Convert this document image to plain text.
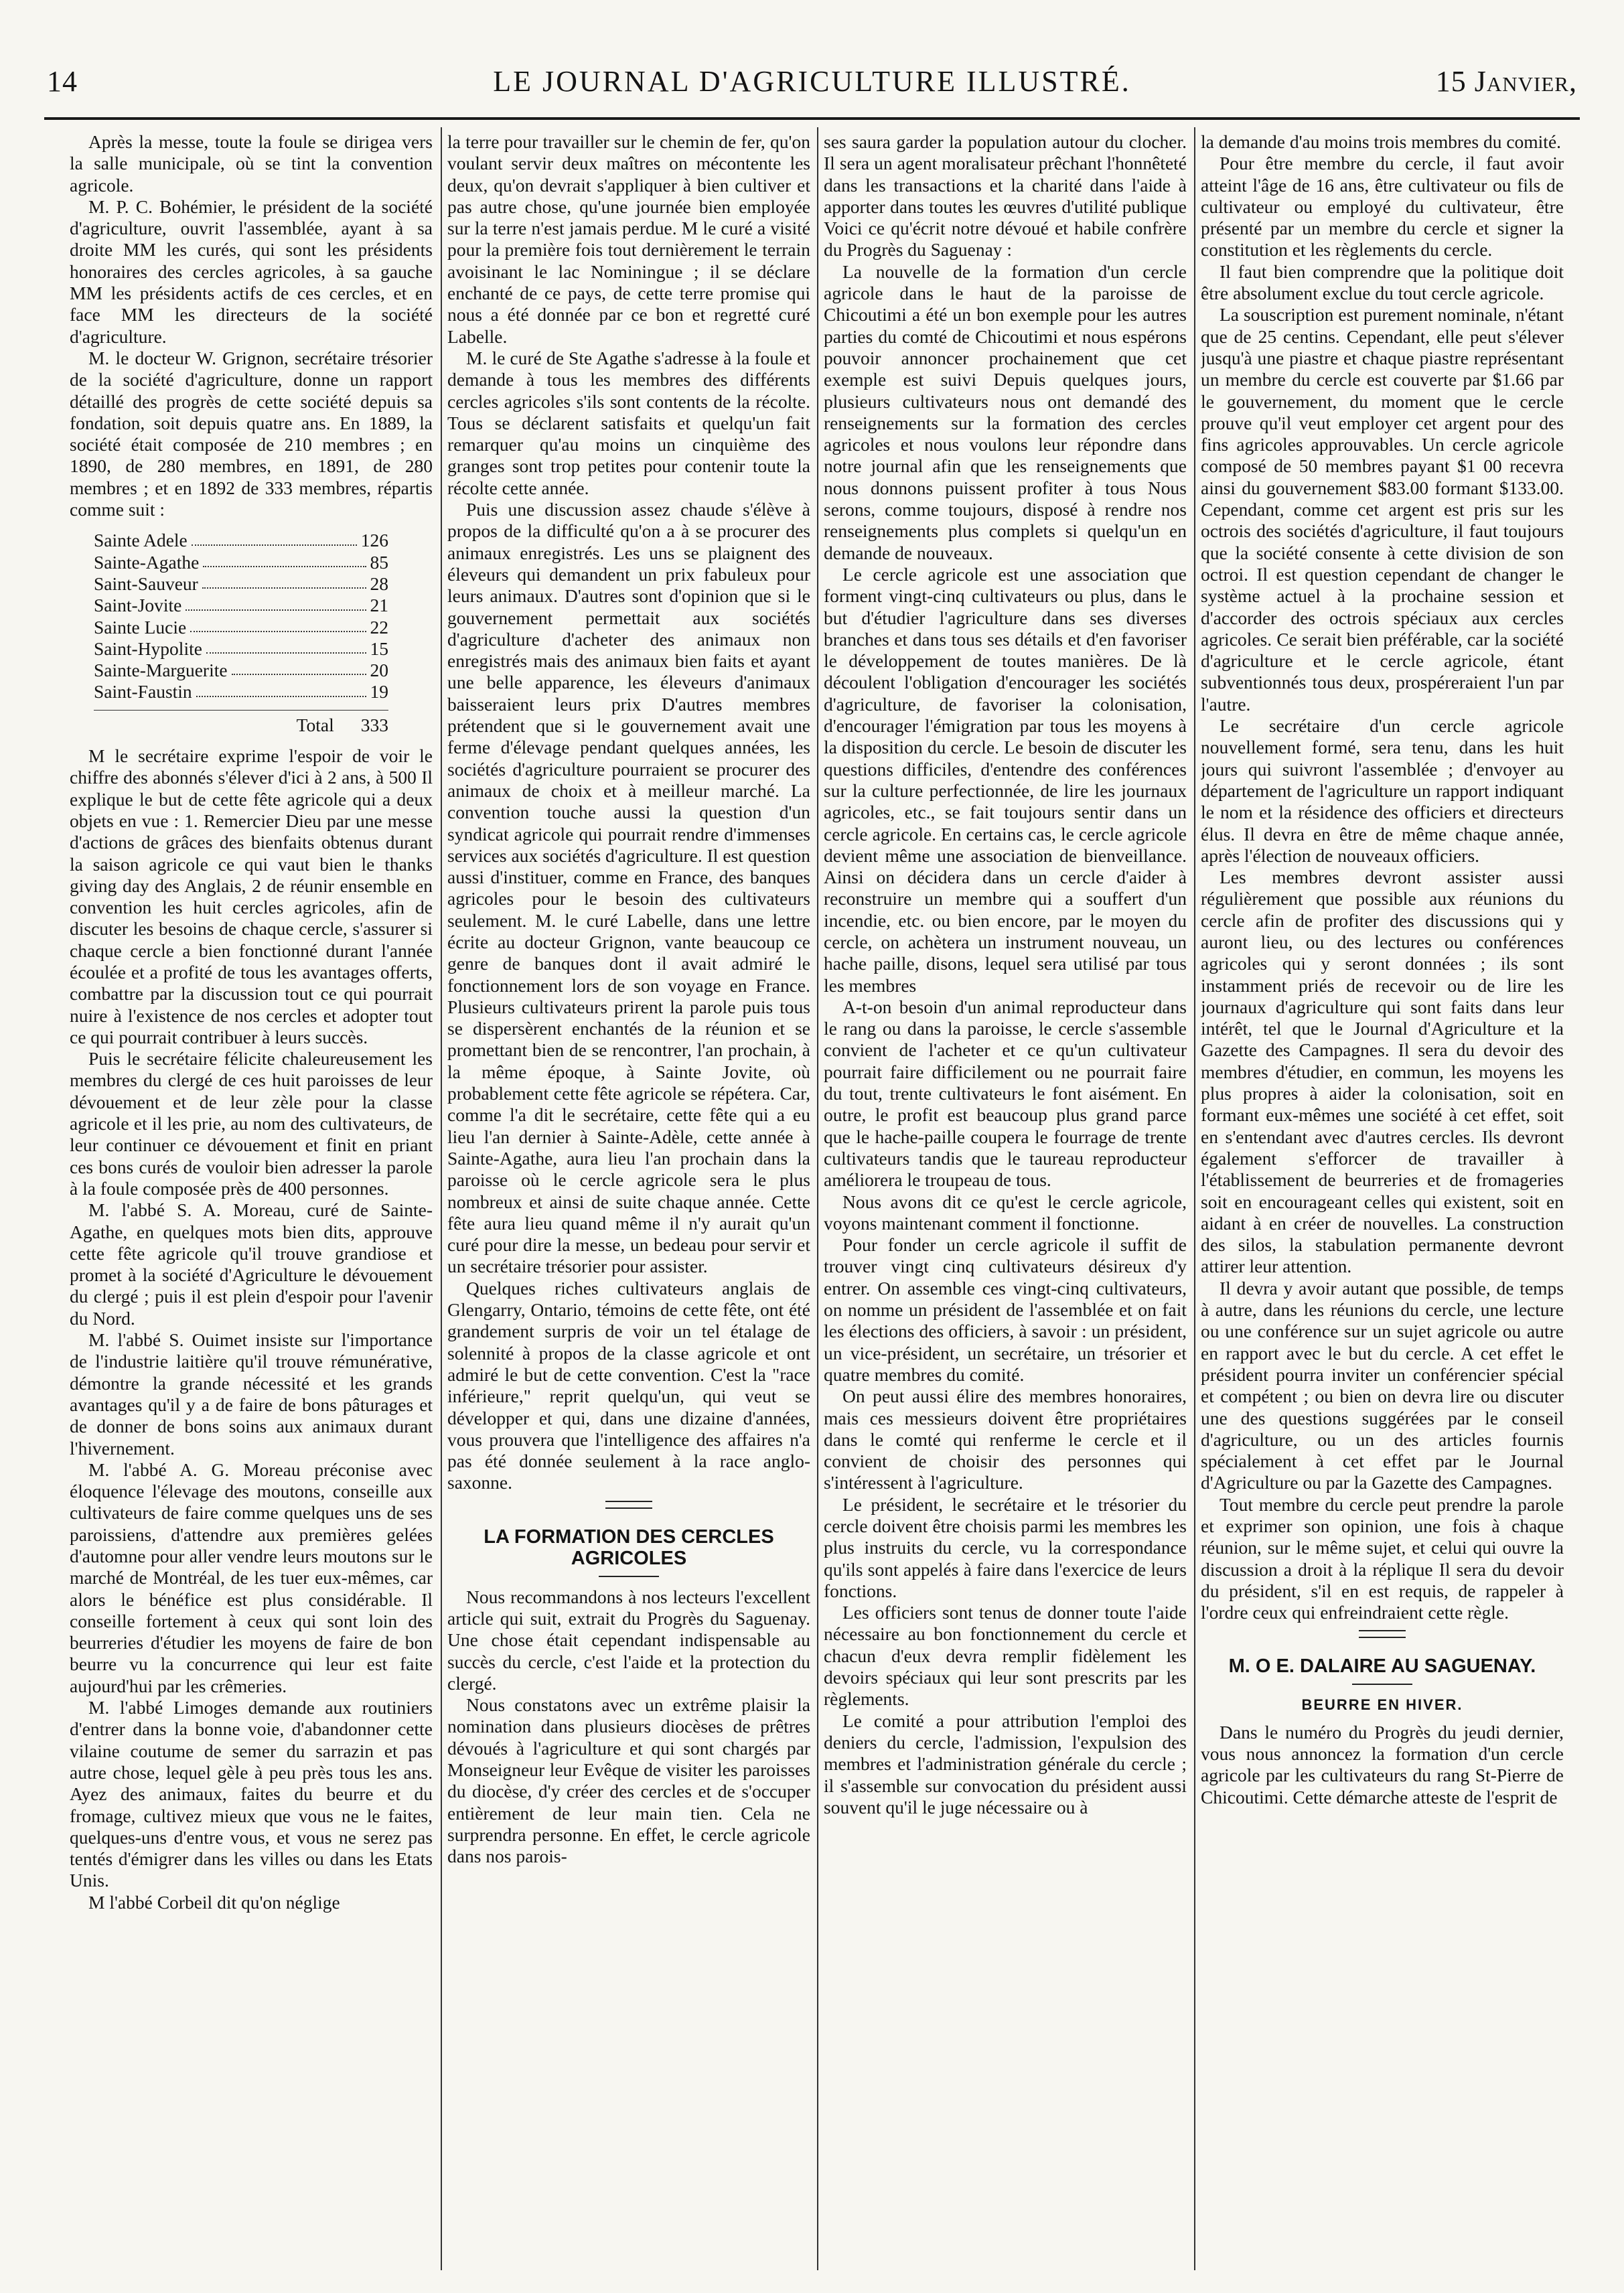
14	LE JOURNAL D'AGRICULTURE ILLUSTRÉ.	15 Janvier,

Après la messe, toute la foule se dirigea vers la salle municipale, où se tint la convention agricole.

M. P. C. Bohémier, le président de la société d'agriculture, ouvrit l'assemblée, ayant à sa droite MM les curés, qui sont les présidents honoraires des cercles agricoles, à sa gauche MM les présidents actifs de ces cercles, et en face MM les directeurs de la société d'agriculture.

M. le docteur W. Grignon, secrétaire trésorier de la société d'agriculture, donne un rapport détaillé des progrès de cette société depuis sa fondation, soit depuis quatre ans. En 1889, la société était composée de 210 membres ; en 1890, de 280 membres, en 1891, de 280 membres ; et en 1892 de 333 membres, répartis comme suit :

Sainte Adele	126
Sainte-Agathe	85
Saint-Sauveur	28
Saint-Jovite	21
Sainte Lucie	22
Saint-Hypolite	15
Sainte-Marguerite	20
Saint-Faustin	19
Total 333

M le secrétaire exprime l'espoir de voir le chiffre des abonnés s'élever d'ici à 2 ans, à 500 Il explique le but de cette fête agricole qui a deux objets en vue : 1. Remercier Dieu par une messe d'actions de grâces des bienfaits obtenus durant la saison agricole ce qui vaut bien le thanks giving day des Anglais, 2 de réunir ensemble en convention les huit cercles agricoles, afin de discuter les besoins de chaque cercle, s'assurer si chaque cercle a bien fonctionné durant l'année écoulée et a profité de tous les avantages offerts, combattre par la discussion tout ce qui pourrait nuire à l'existence de nos cercles et adopter tout ce qui pourrait contribuer à leurs succès.

Puis le secrétaire félicite chaleureusement les membres du clergé de ces huit paroisses de leur dévouement et de leur zèle pour la classe agricole et il les prie, au nom des cultivateurs, de leur continuer ce dévouement et finit en priant ces bons curés de vouloir bien adresser la parole à la foule composée près de 400 personnes.

M. l'abbé S. A. Moreau, curé de Sainte-Agathe, en quelques mots bien dits, approuve cette fête agricole qu'il trouve grandiose et promet à la société d'Agriculture le dévouement du clergé ; puis il est plein d'espoir pour l'avenir du Nord.

M. l'abbé S. Ouimet insiste sur l'importance de l'industrie laitière qu'il trouve rémunérative, démontre la grande nécessité et les grands avantages qu'il y a de faire de bons pâturages et de donner de bons soins aux animaux durant l'hivernement.

M. l'abbé A. G. Moreau préconise avec éloquence l'élevage des moutons, conseille aux cultivateurs de faire comme quelques uns de ses paroissiens, d'attendre aux premières gelées d'automne pour aller vendre leurs moutons sur le marché de Montréal, de les tuer eux-mêmes, car alors le bénéfice est plus considérable. Il conseille fortement à ceux qui sont loin des beurreries d'étudier les moyens de faire de bon beurre vu la concurrence qui leur est faite aujourd'hui par les crêmeries.

M. l'abbé Limoges demande aux routiniers d'entrer dans la bonne voie, d'abandonner cette vilaine coutume de semer du sarrazin et pas autre chose, lequel gèle à peu près tous les ans. Ayez des animaux, faites du beurre et du fromage, cultivez mieux que vous ne le faites, quelques-uns d'entre vous, et vous ne serez pas tentés d'émigrer dans les villes ou dans les Etats Unis.

M l'abbé Corbeil dit qu'on néglige

la terre pour travailler sur le chemin de fer, qu'on voulant servir deux maîtres on mécontente les deux, qu'on devrait s'appliquer à bien cultiver et pas autre chose, qu'une journée bien employée sur la terre n'est jamais perdue. M le curé a visité pour la première fois tout dernièrement le terrain avoisinant le lac Nominingue ; il se déclare enchanté de ce pays, de cette terre promise qui nous a été donnée par ce bon et regretté curé Labelle.

M. le curé de Ste Agathe s'adresse à la foule et demande à tous les membres des différents cercles agricoles s'ils sont contents de la récolte. Tous se déclarent satisfaits et quelqu'un fait remarquer qu'au moins un cinquième des granges sont trop petites pour contenir toute la récolte cette année.

Puis une discussion assez chaude s'élève à propos de la difficulté qu'on a à se procurer des animaux enregistrés. Les uns se plaignent des éleveurs qui demandent un prix fabuleux pour leurs animaux. D'autres sont d'opinion que si le gouvernement permettait aux sociétés d'agriculture d'acheter des animaux non enregistrés mais des animaux bien faits et ayant une belle apparence, les éleveurs d'animaux baisseraient leurs prix D'autres membres prétendent que si le gouvernement avait une ferme d'élevage pendant quelques années, les sociétés d'agriculture pourraient se procurer des animaux de choix et à meilleur marché. La convention touche aussi la question d'un syndicat agricole qui pourrait rendre d'immenses services aux sociétés d'agriculture. Il est question aussi d'instituer, comme en France, des banques agricoles pour le besoin des cultivateurs seulement. M. le curé Labelle, dans une lettre écrite au docteur Grignon, vante beaucoup ce genre de banques dont il avait admiré le fonctionnement lors de son voyage en France. Plusieurs cultivateurs prirent la parole puis tous se dispersèrent enchantés de la réunion et se promettant bien de se rencontrer, l'an prochain, à la même époque, à Sainte Jovite, où probablement cette fête agricole se répétera. Car, comme l'a dit le secrétaire, cette fête qui a eu lieu l'an dernier à Sainte-Adèle, cette année à Sainte-Agathe, aura lieu l'an prochain dans la paroisse où le cercle agricole sera le plus nombreux et ainsi de suite chaque année. Cette fête aura lieu quand même il n'y aurait qu'un curé pour dire la messe, un bedeau pour servir et un secrétaire trésorier pour assister.

Quelques riches cultivateurs anglais de Glengarry, Ontario, témoins de cette fête, ont été grandement surpris de voir un tel étalage de solennité à propos de la classe agricole et ont admiré le but de cette convention. C'est la "race inférieure," reprit quelqu'un, qui veut se développer et qui, dans une dizaine d'années, vous prouvera que l'intelligence des affaires n'a pas été donnée seulement à la race anglo-saxonne.

LA FORMATION DES CERCLES AGRICOLES

Nous recommandons à nos lecteurs l'excellent article qui suit, extrait du Progrès du Saguenay. Une chose était cependant indispensable au succès du cercle, c'est l'aide et la protection du clergé.

Nous constatons avec un extrême plaisir la nomination dans plusieurs diocèses de prêtres dévoués à l'agriculture et qui sont chargés par Monseigneur leur Evêque de visiter les paroisses du diocèse, d'y créer des cercles et de s'occuper entièrement de leur main tien. Cela ne surprendra personne. En effet, le cercle agricole dans nos parois-

ses saura garder la population autour du clocher. Il sera un agent moralisateur prêchant l'honnêteté dans les transactions et la charité dans l'aide à apporter dans toutes les œuvres d'utilité publique Voici ce qu'écrit notre dévoué et habile confrère du Progrès du Saguenay :

La nouvelle de la formation d'un cercle agricole dans le haut de la paroisse de Chicoutimi a été un bon exemple pour les autres parties du comté de Chicoutimi et nous espérons pouvoir annoncer prochainement que cet exemple est suivi Depuis quelques jours, plusieurs cultivateurs nous ont demandé des renseignements sur la formation des cercles agricoles et nous voulons leur répondre dans notre journal afin que les renseignements que nous donnons puissent profiter à tous Nous serons, comme toujours, disposé à rendre nos renseignements plus complets si quelqu'un en demande de nouveaux.

Le cercle agricole est une association que forment vingt-cinq cultivateurs ou plus, dans le but d'étudier l'agriculture dans ses diverses branches et dans tous ses détails et d'en favoriser le développement de toutes manières. De là découlent l'obligation d'encourager les sociétés d'agriculture, de favoriser la colonisation, d'encourager l'émigration par tous les moyens à la disposition du cercle. Le besoin de discuter les questions difficiles, d'entendre des conférences sur la culture perfectionnée, de lire les journaux agricoles, etc., se fait toujours sentir dans un cercle agricole. En certains cas, le cercle agricole devient même une association de bienveillance. Ainsi on décidera dans un cercle d'aider à reconstruire un membre qui a souffert d'un incendie, etc. ou bien encore, par le moyen du cercle, on achètera un instrument nouveau, un hache paille, disons, lequel sera utilisé par tous les membres

A-t-on besoin d'un animal reproducteur dans le rang ou dans la paroisse, le cercle s'assemble convient de l'acheter et ce qu'un cultivateur pourrait faire difficilement ou ne pourrait faire du tout, trente cultivateurs le font aisément. En outre, le profit est beaucoup plus grand parce que le hache-paille coupera le fourrage de trente cultivateurs tandis que le taureau reproducteur améliorera le troupeau de tous.

Nous avons dit ce qu'est le cercle agricole, voyons maintenant comment il fonctionne.

Pour fonder un cercle agricole il suffit de trouver vingt cinq cultivateurs désireux d'y entrer. On assemble ces vingt-cinq cultivateurs, on nomme un président de l'assemblée et on fait les élections des officiers, à savoir : un président, un vice-président, un secrétaire, un trésorier et quatre membres du comité.

On peut aussi élire des membres honoraires, mais ces messieurs doivent être propriétaires dans le comté qui renferme le cercle et il convient de choisir des personnes qui s'intéressent à l'agriculture.

Le président, le secrétaire et le trésorier du cercle doivent être choisis parmi les membres les plus instruits du cercle, vu la correspondance qu'ils sont appelés à faire dans l'exercice de leurs fonctions.

Les officiers sont tenus de donner toute l'aide nécessaire au bon fonctionnement du cercle et chacun d'eux devra remplir fidèlement les devoirs spéciaux qui leur sont prescrits par les règlements.

Le comité a pour attribution l'emploi des deniers du cercle, l'admission, l'expulsion des membres et l'administration générale du cercle ; il s'assemble sur convocation du président aussi souvent qu'il le juge nécessaire ou à

la demande d'au moins trois membres du comité.

Pour être membre du cercle, il faut avoir atteint l'âge de 16 ans, être cultivateur ou fils de cultivateur ou employé du cultivateur, être présenté par un membre du cercle et signer la constitution et les règlements du cercle.

Il faut bien comprendre que la politique doit être absolument exclue du tout cercle agricole.

La souscription est purement nominale, n'étant que de 25 centins. Cependant, elle peut s'élever jusqu'à une piastre et chaque piastre représentant un membre du cercle est couverte par $1.66 par le gouvernement, du moment que le cercle prouve qu'il veut employer cet argent pour des fins agricoles approuvables. Un cercle agricole composé de 50 membres payant $1 00 recevra ainsi du gouvernement $83.00 formant $133.00. Cependant, comme cet argent est pris sur les octrois des sociétés d'agriculture, il faut toujours que la société consente à cette division de son octroi. Il est question cependant de changer le système actuel à la prochaine session et d'accorder des octrois spéciaux aux cercles agricoles. Ce serait bien préférable, car la société d'agriculture et le cercle agricole, étant subventionnés tous deux, prospéreraient l'un par l'autre.

Le secrétaire d'un cercle agricole nouvellement formé, sera tenu, dans les huit jours qui suivront l'assemblée ; d'envoyer au département de l'agriculture un rapport indiquant le nom et la résidence des officiers et directeurs élus. Il devra en être de même chaque année, après l'élection de nouveaux officiers.

Les membres devront assister aussi régulièrement que possible aux réunions du cercle afin de profiter des discussions qui y auront lieu, ou des lectures ou conférences agricoles qui y seront données ; ils sont instamment priés de recevoir ou de lire les journaux d'agriculture qui sont faits dans leur intérêt, tel que le Journal d'Agriculture et la Gazette des Campagnes. Il sera du devoir des membres d'étudier, en commun, les moyens les plus propres à aider la colonisation, soit en formant eux-mêmes une société à cet effet, soit en s'entendant avec d'autres cercles. Ils devront également s'efforcer de travailler à l'établissement de beurreries et de fromageries soit en encourageant celles qui existent, soit en aidant à en créer de nouvelles. La construction des silos, la stabulation permanente devront attirer leur attention.

Il devra y avoir autant que possible, de temps à autre, dans les réunions du cercle, une lecture ou une conférence sur un sujet agricole ou autre en rapport avec le but du cercle. A cet effet le président pourra inviter un conférencier spécial et compétent ; ou bien on devra lire ou discuter une des questions suggérées par le conseil d'agriculture, ou un des articles fournis spécialement à cet effet par le Journal d'Agriculture ou par la Gazette des Campagnes.

Tout membre du cercle peut prendre la parole et exprimer son opinion, une fois à chaque réunion, sur le même sujet, et celui qui ouvre la discussion a droit à la réplique Il sera du devoir du président, s'il en est requis, de rappeler à l'ordre ceux qui enfreindraient cette règle.

M. O E. DALAIRE AU SAGUENAY.
BEURRE EN HIVER.

Dans le numéro du Progrès du jeudi dernier, vous nous annoncez la formation d'un cercle agricole par les cultivateurs du rang St-Pierre de Chicoutimi. Cette démarche atteste de l'esprit de
